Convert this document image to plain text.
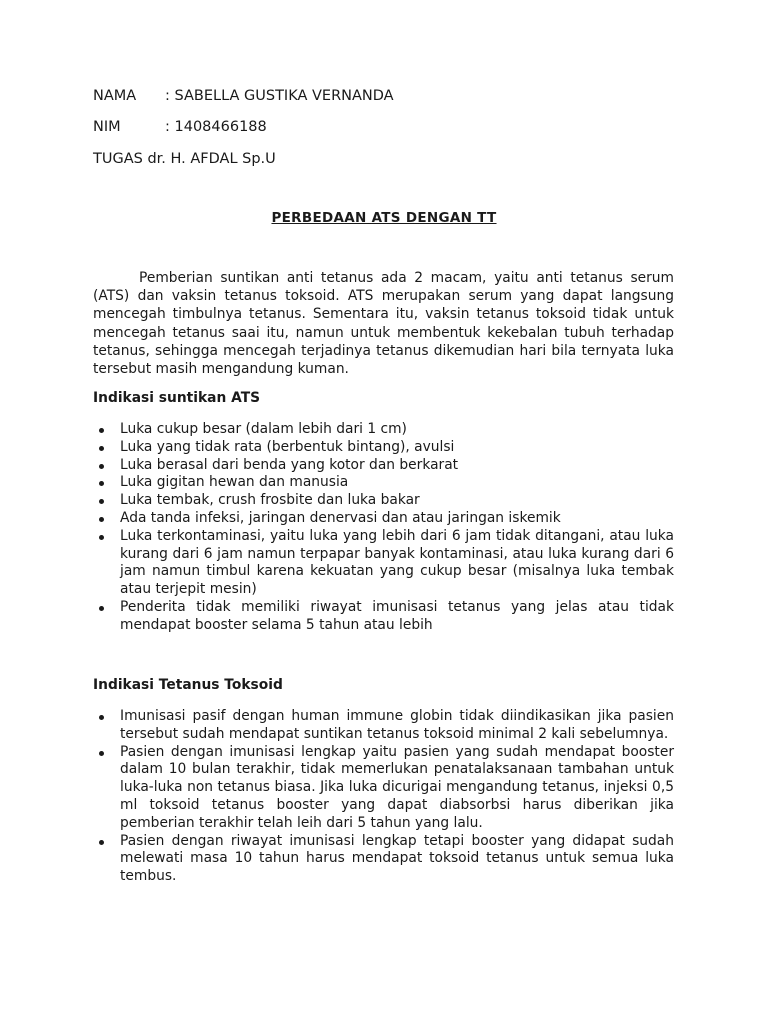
NAMA : SABELLA GUSTIKA VERNANDA
NIM	: 1408466188
TUGAS dr. H. AFDAL Sp.U
PERBEDAAN ATS DENGAN TT

Pemberian suntikan anti tetanus ada 2 macam, yaitu anti tetanus serum (ATS) dan vaksin tetanus toksoid. ATS merupakan serum yang dapat langsung mencegah timbulnya tetanus. Sementara itu, vaksin tetanus toksoid tidak untuk mencegah tetanus saai itu, namun untuk membentuk kekebalan tubuh terhadap tetanus, sehingga mencegah terjadinya tetanus dikemudian hari bila ternyata luka tersebut masih mengandung kuman.

Indikasi suntikan ATS

Luka cukup besar (dalam lebih dari 1 cm)
Luka yang tidak rata (berbentuk bintang), avulsi
Luka berasal dari benda yang kotor dan berkarat
Luka gigitan hewan dan manusia
Luka tembak, crush frosbite dan luka bakar
Ada tanda infeksi, jaringan denervasi dan atau jaringan iskemik
Luka terkontaminasi, yaitu luka yang lebih dari 6 jam tidak ditangani, atau luka kurang dari 6 jam namun terpapar banyak kontaminasi, atau luka kurang dari 6 jam namun timbul karena kekuatan yang cukup besar (misalnya luka tembak atau terjepit mesin)
Penderita tidak memiliki riwayat imunisasi tetanus yang jelas atau tidak mendapat booster selama 5 tahun atau lebih

Indikasi Tetanus Toksoid

Imunisasi pasif dengan human immune globin tidak diindikasikan jika pasien tersebut sudah mendapat suntikan tetanus toksoid minimal 2 kali sebelumnya.
Pasien dengan imunisasi lengkap yaitu pasien yang sudah mendapat booster dalam 10 bulan terakhir, tidak memerlukan penatalaksanaan tambahan untuk luka-luka non tetanus biasa. Jika luka dicurigai mengandung tetanus, injeksi 0,5 ml toksoid tetanus booster yang dapat diabsorbsi harus diberikan jika pemberian terakhir telah leih dari 5 tahun yang lalu.
Pasien dengan riwayat imunisasi lengkap tetapi booster yang didapat sudah melewati masa 10 tahun harus mendapat toksoid tetanus untuk semua luka tembus.
